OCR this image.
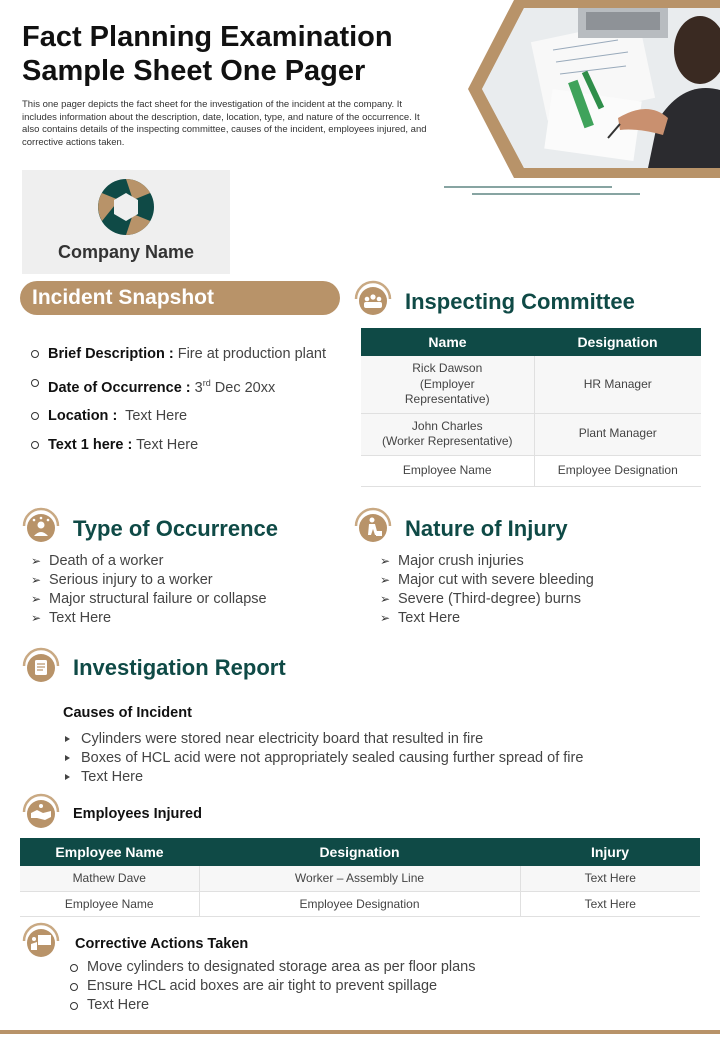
Fact Planning Examination Sample Sheet One Pager
This one pager depicts the fact sheet for the investigation of the incident at the company. It includes information about the description, date, location, type, and nature of the occurrence. It also contains details of the inspecting committee, causes of the incident, employees injured, and corrective actions taken.
Company Name
Incident Snapshot
Brief Description : Fire at production plant
Date of Occurrence : 3rd Dec 20xx
Location :  Text Here
Text 1 here : Text Here
Inspecting Committee
Name	Designation

Rick Dawson
(Employer
Representative)	HR Manager

John Charles
(Worker Representative)	Plant Manager
Employee Name	Employee Designation
Type of Occurrence
➢ Death of a worker
➢ Serious injury to a worker
➢ Major structural failure or collapse
➢ Text Here
Nature of Injury
➢ Major crush injuries
➢ Major cut with severe bleeding
➢ Severe (Third-degree) burns
➢ Text Here
Investigation Report
Causes of Incident
Cylinders were stored near electricity board that resulted in fire
Boxes of HCL acid were not appropriately sealed causing further spread of fire
Text Here
Employees Injured
Employee Name	Designation	Injury
Mathew Dave	Worker – Assembly Line	Text Here
Employee Name	Employee Designation	Text Here
Corrective Actions Taken
Move cylinders to designated storage area as per floor plans
Ensure HCL acid boxes are air tight to prevent spillage
Text Here
